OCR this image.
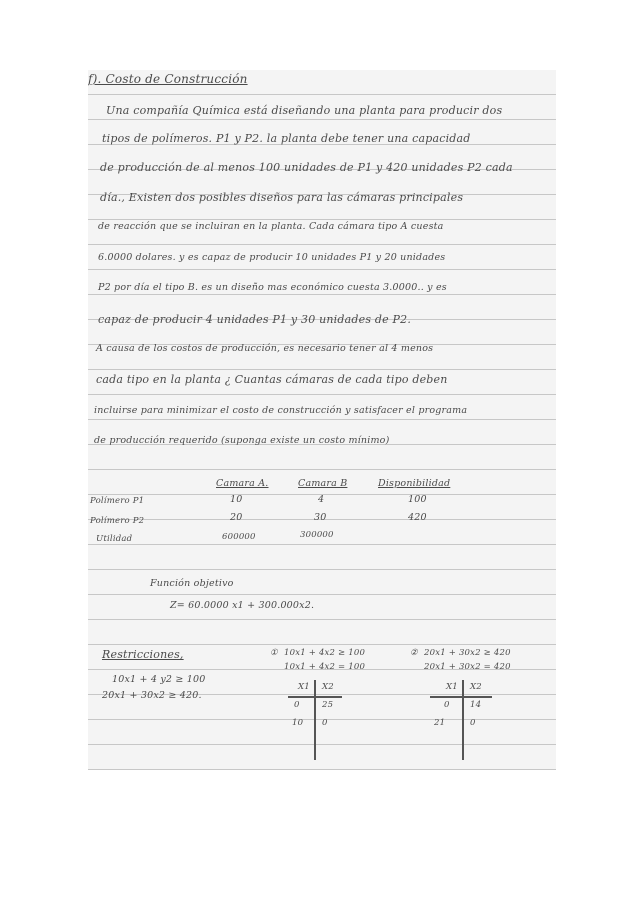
f). Costo de Construcción
Una compañía Química está diseñando una planta para producir dos
tipos de polímeros. P1 y P2. la planta debe tener una capacidad
de producción de al menos 100 unidades de P1 y 420 unidades P2 cada
día., Existen dos posibles diseños para las cámaras principales
de reacción que se incluiran en la planta. Cada cámara tipo A cuesta
6.0000 dolares. y es capaz de producir 10 unidades P1 y 20 unidades
P2 por día el tipo B. es un diseño mas económico cuesta 3.0000.. y es
capaz de producir 4 unidades P1 y 30 unidades de P2.
A causa de los costos de producción, es necesario tener al 4 menos
cada tipo en la planta ¿ Cuantas cámaras de cada tipo deben
incluirse para minimizar el costo de construcción y satisfacer el programa
de producción requerido (suponga existe un costo mínimo)
Camara A.	Camara B	Disponibilidad
Polímero P1	10	4	100
Polímero P2	20	30	420
Utilidad	600000	300000
Función objetivo
Z= 60.0000 x1 + 300.000x2.
Restricciones,
10x1 + 4 y2 ≥ 100
20x1 + 30x2 ≥ 420.
① 10x1 + 4x2 ≥ 100
10x1 + 4x2 = 100
② 20x1 + 30x2 ≥ 420
20x1 + 30x2 = 420
X1 X2
0	25
10 0
X1 X2
0 14
21	0
